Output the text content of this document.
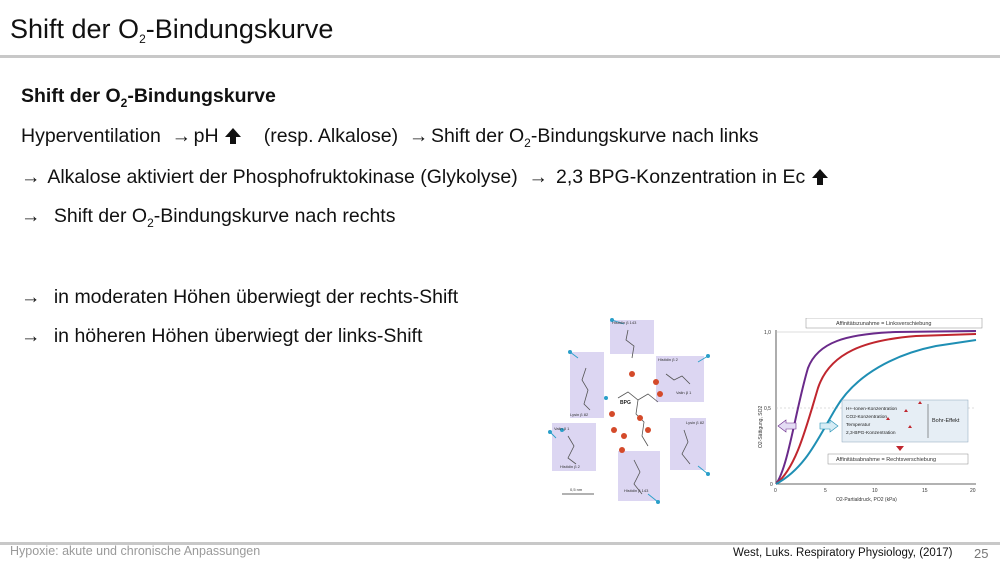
Shift der $O_2$-Bindungskurve
Shift der $O_2$-Bindungskurve
Hyperventilation  → pH (resp. Alkalose)  → Shift der $O_2$-Bindungskurve nach links
→ Alkalose aktiviert der Phosphofruktokinase (Glykolyse)  → 2,3 BPG-Konzentration in Ec
→ Shift der $O_2$-Bindungskurve nach rechts
→ in moderaten Höhen überwiegt der rechts-Shift
→ in höheren Höhen überwiegt der links-Shift
Histidin β 143
Histidin β 2
Valin β 1
Lysin β 82
Valin β 1
Histidin β 2
Lysin β 82
Histidin β 143
BPG
0,5 nm
1,0
0,5
0
0	5	10	15	20
O2-Partialdruck, PO2 (kPa)
O2-Sättigung, SO2
Affinitätszunahme = Linksverschiebung
H+-Ionen-Konzentration
CO2-Konzentration
Temperatur
2,3-BPG-Konzentration
Bohr-Effekt
Affinitätsabnahme = Rechtsverschiebung
Hypoxie: akute und chronische Anpassungen	West, Luks. Respiratory Physiology, (2017) 25
